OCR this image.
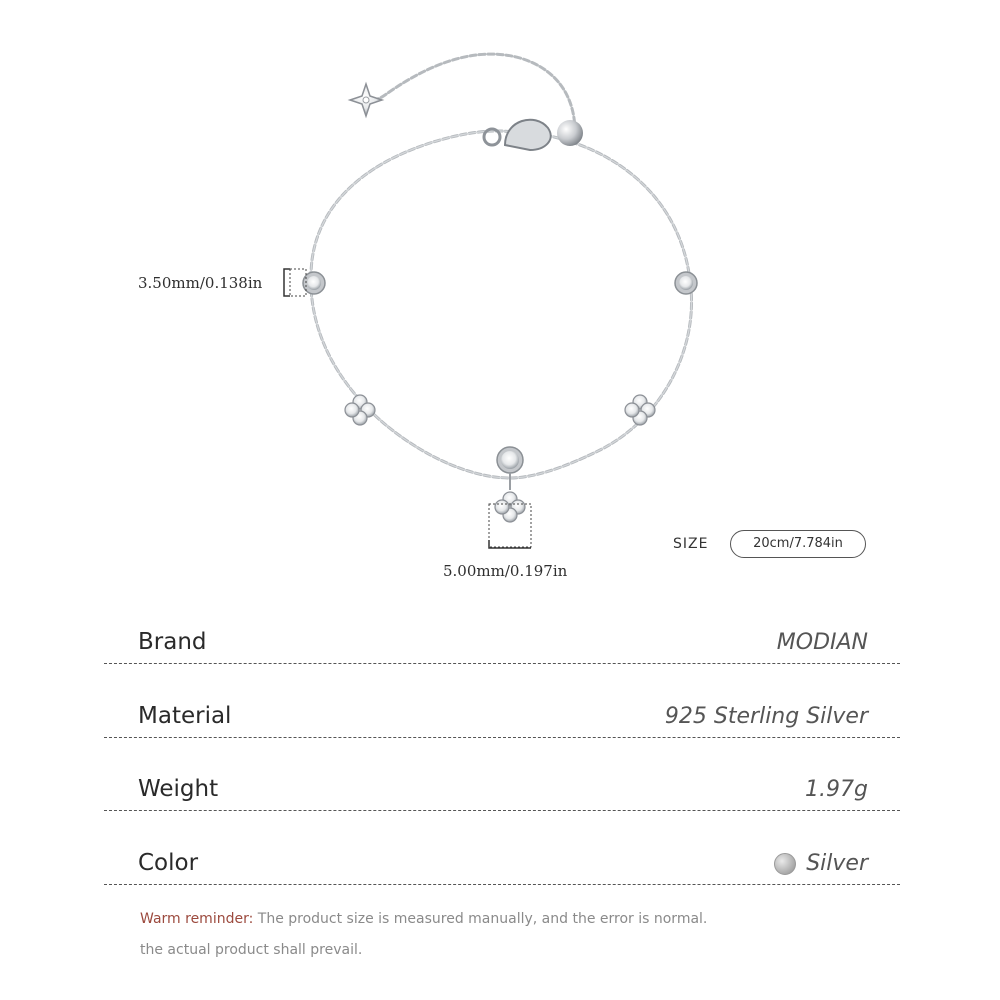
3.50mm/0.138in
5.00mm/0.197in
SIZE	20cm/7.784in
Brand	MODIAN
Material	925 Sterling Silver
Weight	1.97g
Color	Silver
Warm reminder: The product size is measured manually, and the error is normal.
the actual product shall prevail.
